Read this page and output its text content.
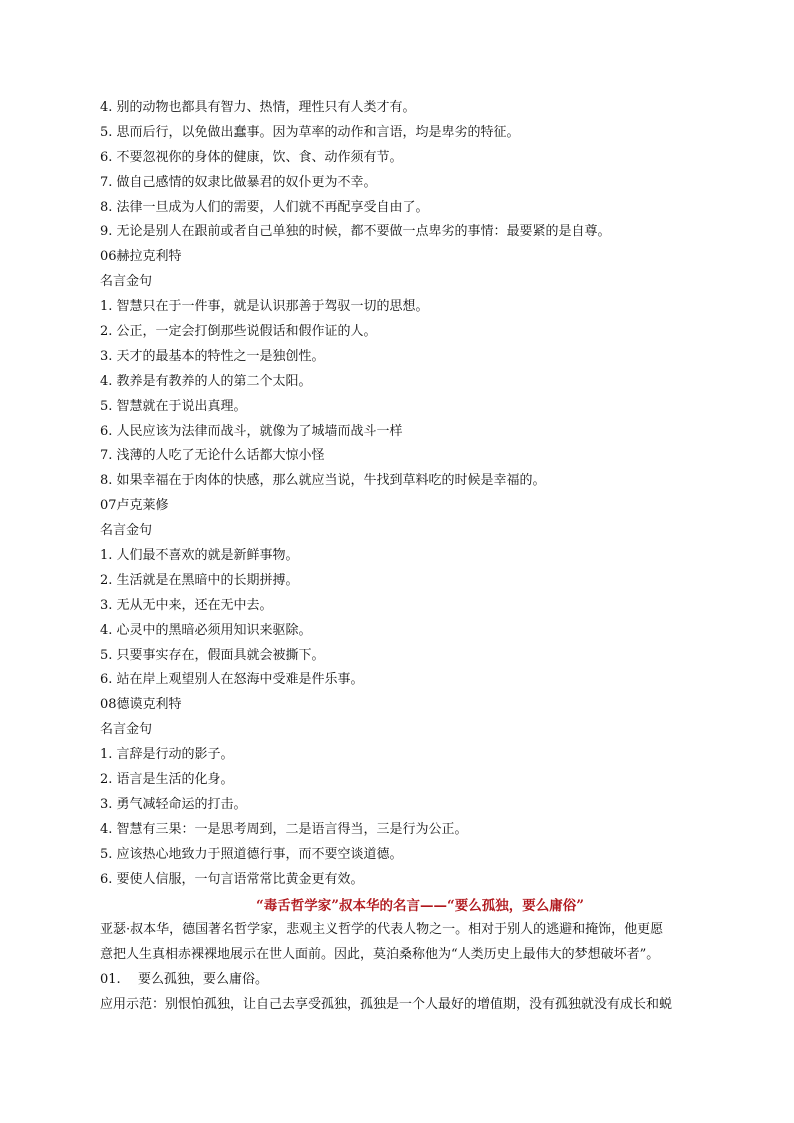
4. 别的动物也都具有智力、热情，理性只有人类才有。
5. 思而后行，以免做出蠢事。因为草率的动作和言语，均是卑劣的特征。
6. 不要忽视你的身体的健康，饮、食、动作须有节。
7. 做自己感情的奴隶比做暴君的奴仆更为不幸。
8. 法律一旦成为人们的需要，人们就不再配享受自由了。
9. 无论是别人在跟前或者自己单独的时候，都不要做一点卑劣的事情：最要紧的是自尊。
06赫拉克利特
名言金句
1. 智慧只在于一件事，就是认识那善于驾驭一切的思想。
2. 公正，一定会打倒那些说假话和假作证的人。
3. 天才的最基本的特性之一是独创性。
4. 教养是有教养的人的第二个太阳。
5. 智慧就在于说出真理。
6. 人民应该为法律而战斗，就像为了城墙而战斗一样
7. 浅薄的人吃了无论什么话都大惊小怪
8. 如果幸福在于肉体的快感，那么就应当说，牛找到草料吃的时候是幸福的。
07卢克莱修
名言金句
1. 人们最不喜欢的就是新鲜事物。
2. 生活就是在黑暗中的长期拼搏。
3. 无从无中来，还在无中去。
4. 心灵中的黑暗必须用知识来驱除。
5. 只要事实存在，假面具就会被撕下。
6. 站在岸上观望别人在怒海中受难是件乐事。
08德谟克利特
名言金句
1. 言辞是行动的影子。
2. 语言是生活的化身。
3. 勇气减轻命运的打击。
4. 智慧有三果：一是思考周到，二是语言得当，三是行为公正。
5. 应该热心地致力于照道德行事，而不要空谈道德。
6. 要使人信服，一句言语常常比黄金更有效。
“毒舌哲学家”叔本华的名言——“要么孤独，要么庸俗”
亚瑟·叔本华，德国著名哲学家，悲观主义哲学的代表人物之一。相对于别人的逃避和掩饰，他更愿
意把人生真相赤裸裸地展示在世人面前。因此，莫泊桑称他为“人类历史上最伟大的梦想破坏者”。
01. 要么孤独，要么庸俗。
应用示范：别恨怕孤独，让自己去享受孤独，孤独是一个人最好的增值期，没有孤独就没有成长和蜕
